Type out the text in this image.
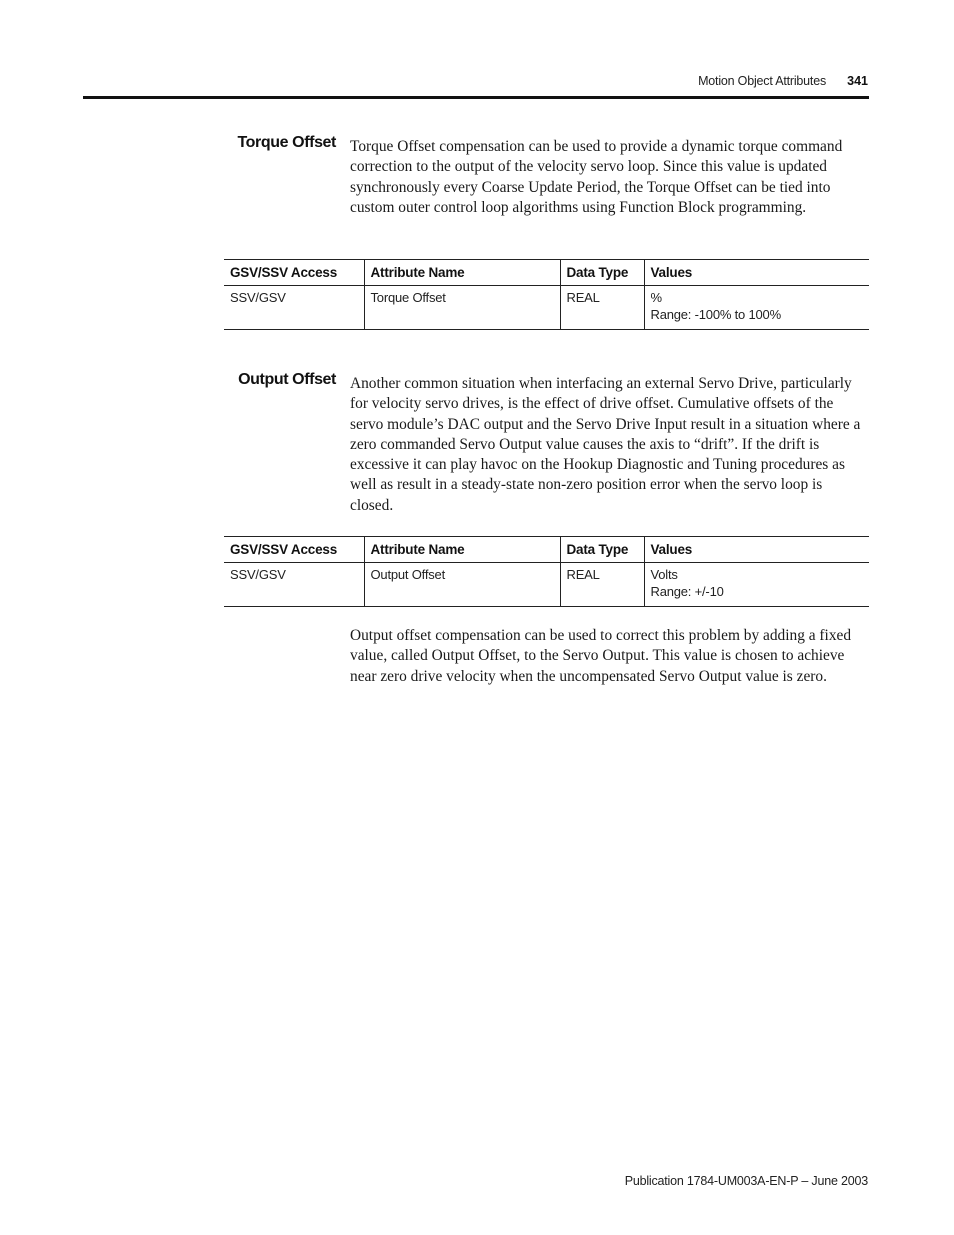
Motion Object Attributes 341
Torque Offset Torque Offset compensation can be used to provide a dynamic torque command correction to the output of the velocity servo loop. Since this value is updated synchronously every Coarse Update Period, the Torque Offset can be tied into custom outer control loop algorithms using Function Block programming.

GSV/SSV Access	Attribute Name	Data Type	Values
SSV/GSV	Torque Offset	REAL	%
Range: -100% to 100%
Output Offset Another common situation when interfacing an external Servo Drive, particularly for velocity servo drives, is the effect of drive offset. Cumulative offsets of the servo module’s DAC output and the Servo Drive Input result in a situation where a zero commanded Servo Output value causes the axis to “drift”. If the drift is excessive it can play havoc on the Hookup Diagnostic and Tuning procedures as well as result in a steady-state non-zero position error when the servo loop is closed.

GSV/SSV Access	Attribute Name	Data Type	Values
SSV/GSV	Output Offset	REAL	Volts
Range: +/-10

Output offset compensation can be used to correct this problem by adding a fixed value, called Output Offset, to the Servo Output. This value is chosen to achieve near zero drive velocity when the uncompensated Servo Output value is zero.

Publication 1784-UM003A-EN-P – June 2003
